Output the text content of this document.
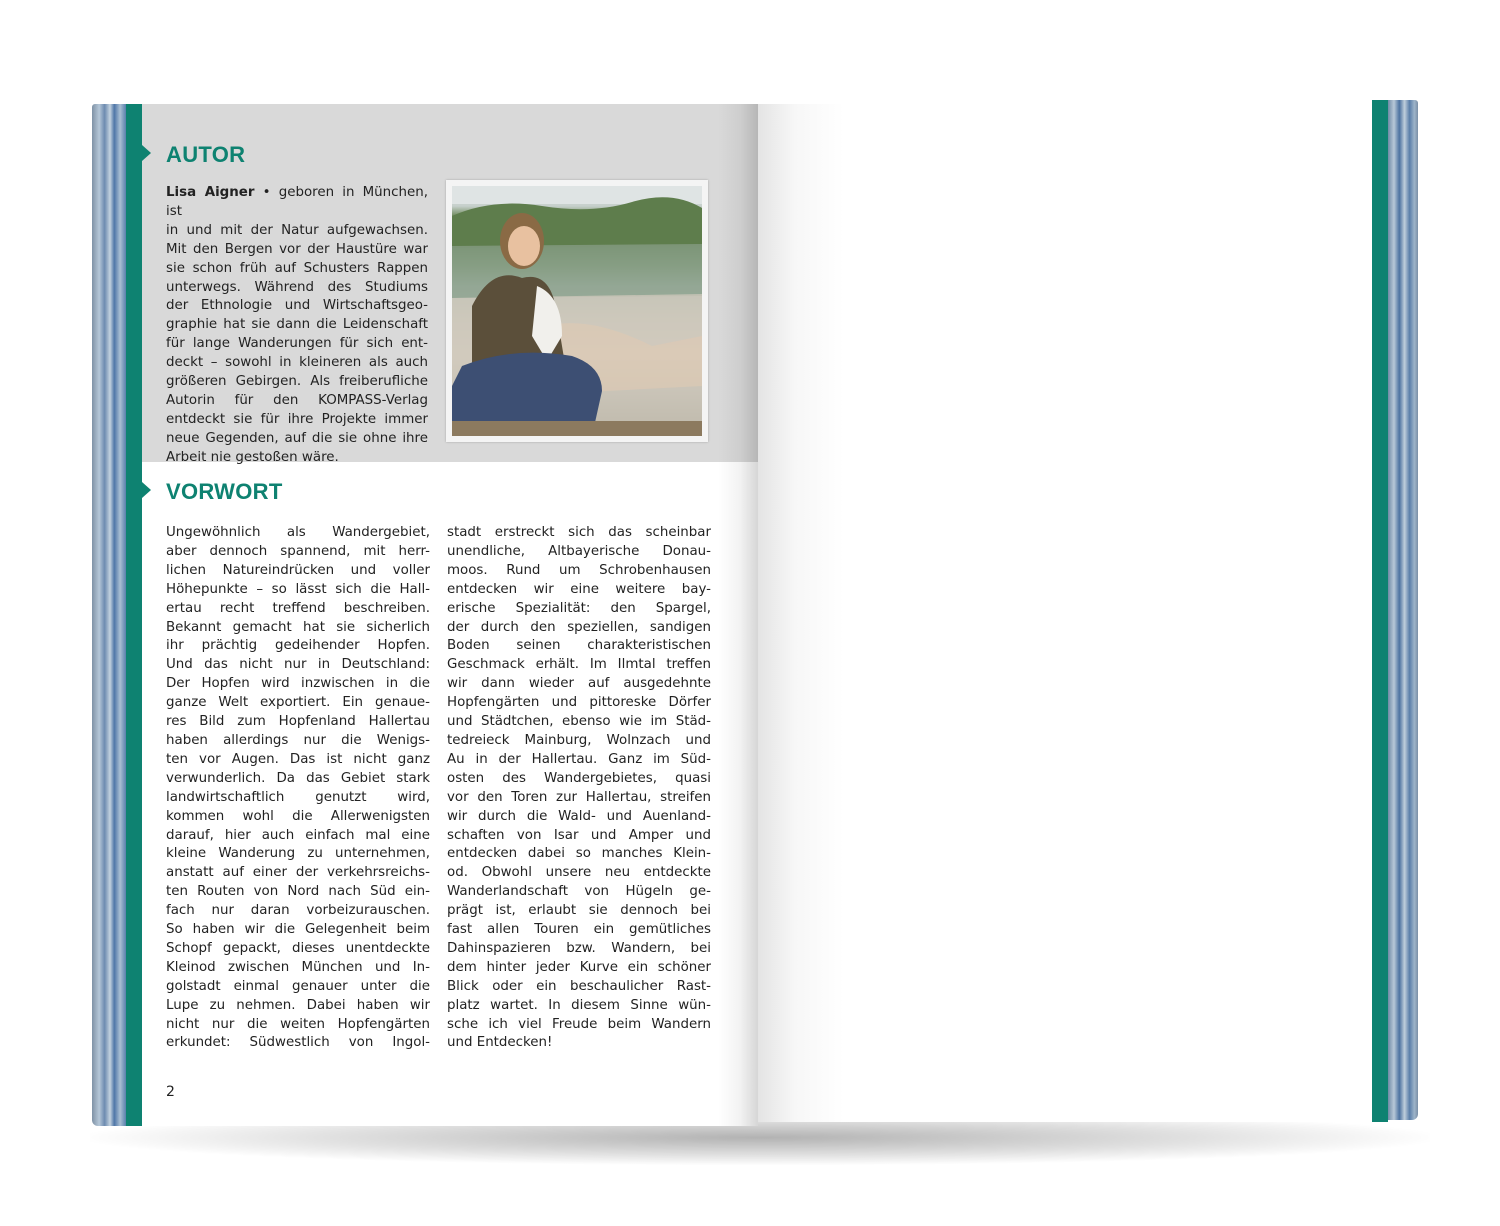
AUTOR
Lisa Aigner • geboren in München, ist
in und mit der Natur aufgewachsen.
Mit den Bergen vor der Haustüre war
sie schon früh auf Schusters Rappen
unterwegs. Während des Studiums
der Ethnologie und Wirtschaftsgeo-
graphie hat sie dann die Leidenschaft
für lange Wanderungen für sich ent-
deckt – sowohl in kleineren als auch
größeren Gebirgen. Als freiberufliche
Autorin für den KOMPASS-Verlag
entdeckt sie für ihre Projekte immer
neue Gegenden, auf die sie ohne ihre
Arbeit nie gestoßen wäre.
VORWORT
Ungewöhnlich als Wandergebiet,
aber dennoch spannend, mit herr-
lichen Natureindrücken und voller
Höhepunkte – so lässt sich die Hall-
ertau recht treffend beschreiben.
Bekannt gemacht hat sie sicherlich
ihr prächtig gedeihender Hopfen.
Und das nicht nur in Deutschland:
Der Hopfen wird inzwischen in die
ganze Welt exportiert. Ein genaue-
res Bild zum Hopfenland Hallertau
haben allerdings nur die Wenigs-
ten vor Augen. Das ist nicht ganz
verwunderlich. Da das Gebiet stark
landwirtschaftlich genutzt wird,
kommen wohl die Allerwenigsten
darauf, hier auch einfach mal eine
kleine Wanderung zu unternehmen,
anstatt auf einer der verkehrsreichs-
ten Routen von Nord nach Süd ein-
fach nur daran vorbeizurauschen.
So haben wir die Gelegenheit beim
Schopf gepackt, dieses unentdeckte
Kleinod zwischen München und In-
golstadt einmal genauer unter die
Lupe zu nehmen. Dabei haben wir
nicht nur die weiten Hopfengärten
erkundet: Südwestlich von Ingol-
stadt erstreckt sich das scheinbar
unendliche, Altbayerische Donau-
moos. Rund um Schrobenhausen
entdecken wir eine weitere bay-
erische Spezialität: den Spargel,
der durch den speziellen, sandigen
Boden seinen charakteristischen
Geschmack erhält. Im Ilmtal treffen
wir dann wieder auf ausgedehnte
Hopfengärten und pittoreske Dörfer
und Städtchen, ebenso wie im Städ-
tedreieck Mainburg, Wolnzach und
Au in der Hallertau. Ganz im Süd-
osten des Wandergebietes, quasi
vor den Toren zur Hallertau, streifen
wir durch die Wald- und Auenland-
schaften von Isar und Amper und
entdecken dabei so manches Klein-
od. Obwohl unsere neu entdeckte
Wanderlandschaft von Hügeln ge-
prägt ist, erlaubt sie dennoch bei
fast allen Touren ein gemütliches
Dahinspazieren bzw. Wandern, bei
dem hinter jeder Kurve ein schöner
Blick oder ein beschaulicher Rast-
platz wartet. In diesem Sinne wün-
sche ich viel Freude beim Wandern
und Entdecken!
2
